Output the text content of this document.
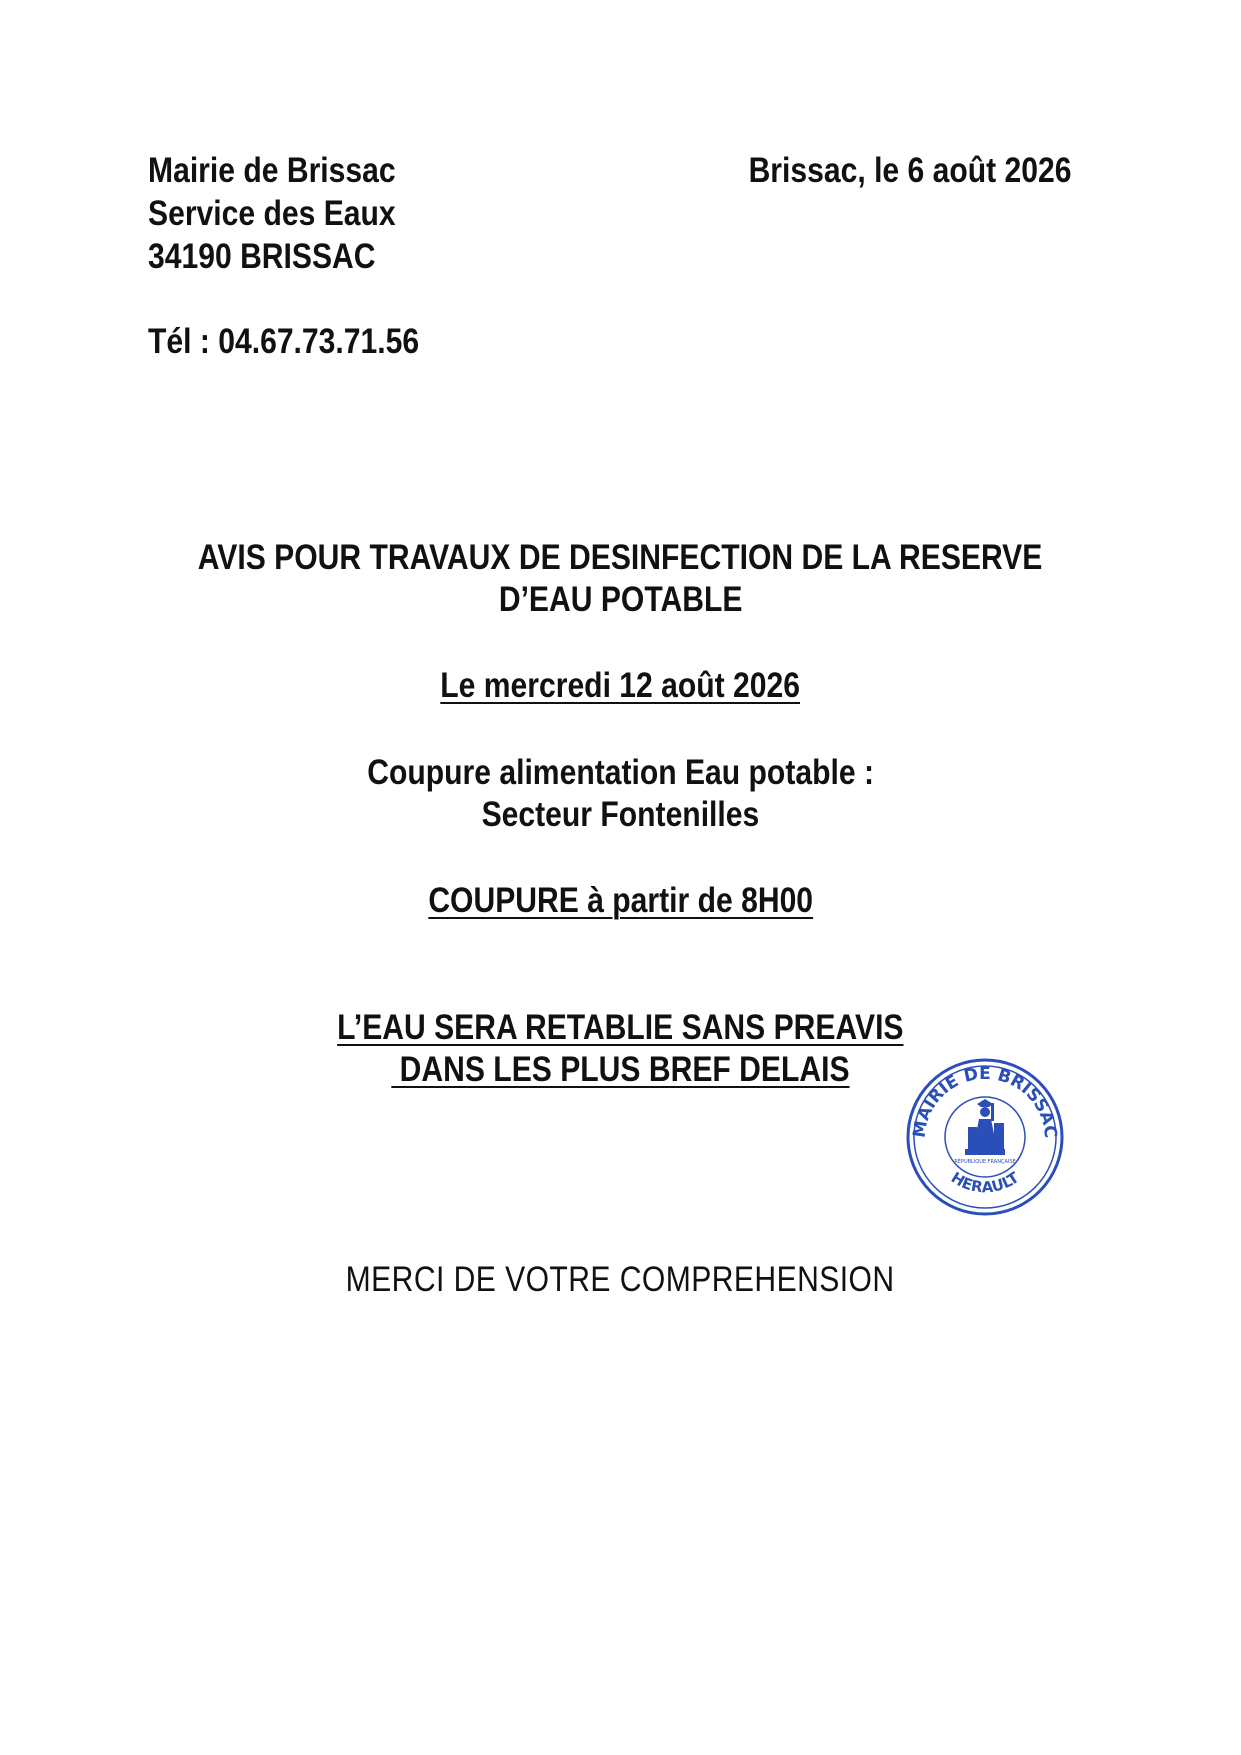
Mairie de Brissac
Service des Eaux
34190 BRISSAC
Tél : 04.67.73.71.56
Brissac, le 6 août 2026
AVIS POUR TRAVAUX DE DESINFECTION DE LA RESERVE
D’EAU POTABLE
Le mercredi 12 août 2026
Coupure alimentation Eau potable :
Secteur Fontenilles
COUPURE à partir de 8H00
L’EAU SERA RETABLIE SANS PREAVIS
DANS LES PLUS BREF DELAIS
MAIRIE DE BRISSAC
HERAULT
RÉPUBLIQUE FRANÇAISE
MERCI DE VOTRE COMPREHENSION
